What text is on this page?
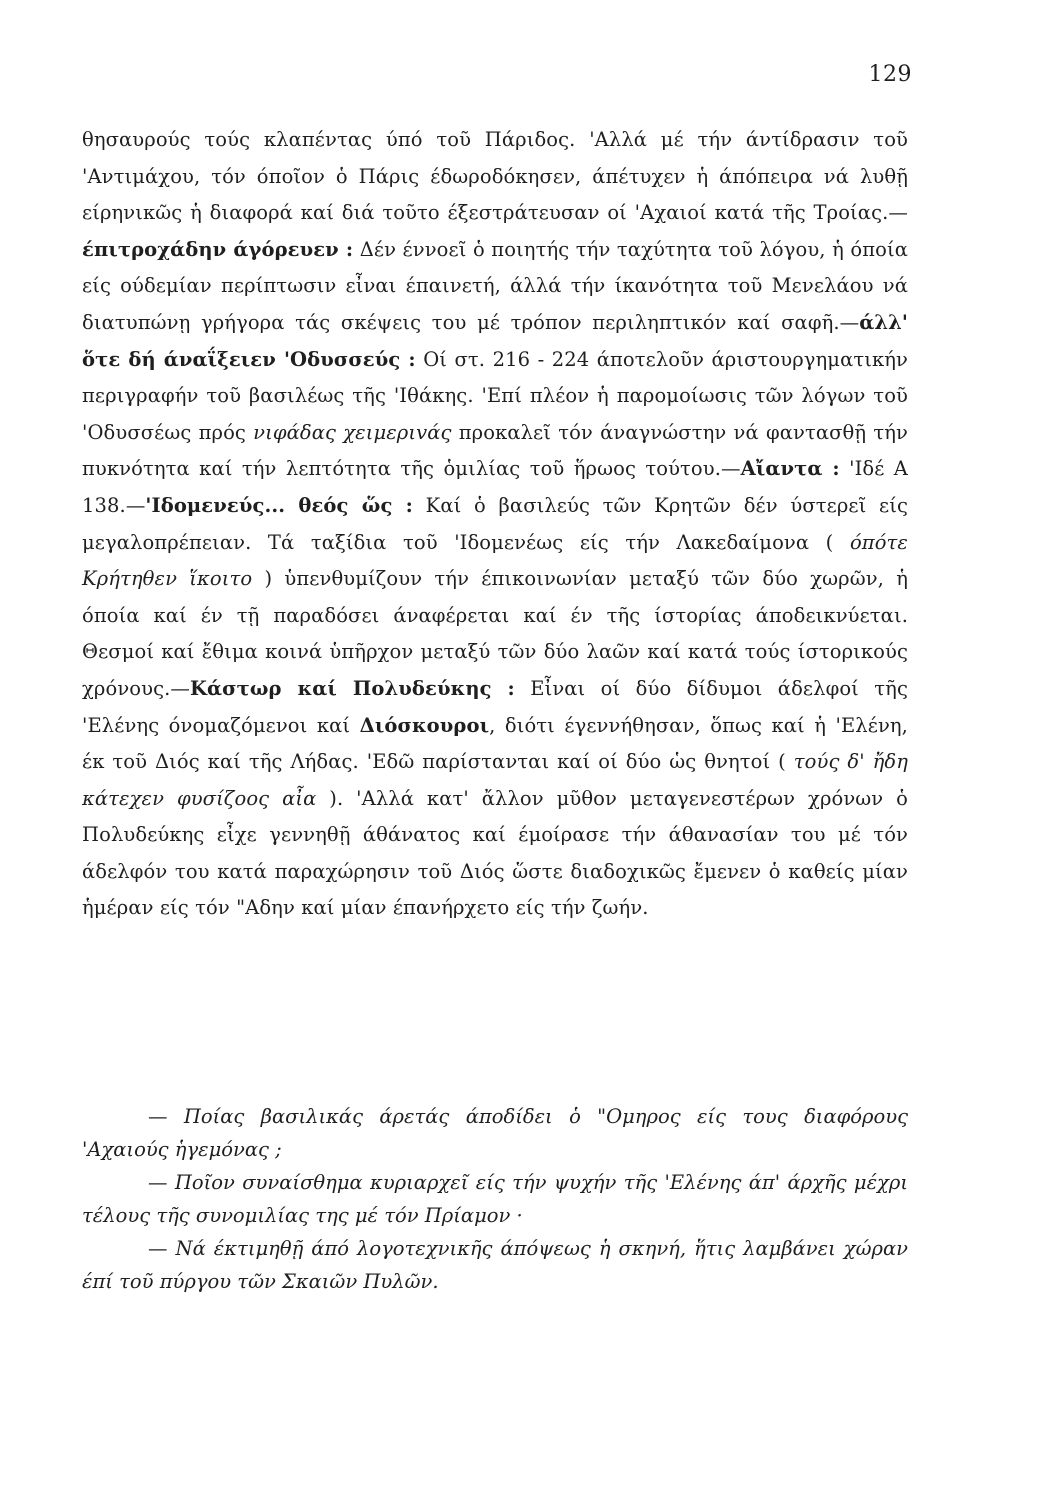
129

θησαυρούς τούς κλαπέντας ύπό τοῦ Πάριδος. 'Αλλά μέ τήν άντίδρασιν τοῦ 'Αντιμάχου, τόν όποῖον ὁ Πάρις έδωροδόκησεν, άπέτυχεν ἡ άπόπειρα νά λυθῇ είρηνικῶς ἡ διαφορά καί διά τοῦτο έξεστράτευσαν οί 'Αχαιοί κατά τῆς Τροίας.—έπιτροχάδην άγόρευεν : Δέν έννοεῖ ὁ ποιητής τήν ταχύτητα τοῦ λόγου, ἡ όποία είς ούδεμίαν περίπτωσιν εἶναι έπαινετή, άλλά τήν ίκανότητα τοῦ Μενελάου νά διατυπώνῃ γρήγορα τάς σκέψεις του μέ τρόπον περιληπτικόν καί σαφῆ.—άλλ' ὅτε δή άναΐξειεν 'Οδυσσεύς : Οί στ. 216 - 224 άποτελοῦν άριστουργηματικήν περιγραφήν τοῦ βασιλέως τῆς 'Ιθάκης. 'Επί πλέον ἡ παρομοίωσις τῶν λόγων τοῦ 'Οδυσσέως πρός νιφάδας χειμεριvάς προκαλεῖ τόν άναγνώστην νά φαντασθῇ τήν πυκνότητα καί τήν λεπτότητα τῆς ὁμιλίας τοῦ ἥρωος τούτου.—Αἴαντα : 'Ιδέ Α 138.—'Ιδομενεύς... θεός ὥς : Καί ὁ βασιλεύς τῶν Κρητῶν δέν ύστερεῖ είς μεγαλοπρέπειαν. Τά ταξίδια τοῦ 'Ιδομενέως είς τήν Λακεδαίμονα ( όπότε Κρήτηθεν ἵκοιτο ) ὑπενθυμίζουν τήν έπικοινωνίαν μεταξύ τῶν δύο χωρῶν, ἡ όποία καί έν τῇ παραδόσει άναφέρεται καί έν τῆς ίστορίας άποδεικνύεται. Θεσμοί καί ἔθιμα κοινά ὑπῆρχον μεταξύ τῶν δύο λαῶν καί κατά τούς ίστορικούς χρόνους.—Κάστωρ καί Πολυδεύκης : Εἶναι οί δύο δίδυμοι άδελφοί τῆς 'Ελένης όνομαζόμενοι καί Διόσκουροι, διότι έγεννήθησαν, ὅπως καί ἡ 'Ελένη, έκ τοῦ Διός καί τῆς Λήδας. 'Εδῶ παρίστανται καί οί δύο ὡς θνητοί ( τούς δ' ἤδη κάτεχεν φυσίζοος αἶα ). 'Αλλά κατ' ἄλλον μῦθον μεταγενεστέρων χρόνων ὁ Πολυδεύκης εἶχε γεννηθῇ άθάνατος καί έμοίρασε τήν άθανασίαν του μέ τόν άδελφόν του κατά παραχώρησιν τοῦ Διός ὥστε διαδοχικῶς ἔμενεν ὁ καθείς μίαν ἡμέραν είς τόν "Αδην καί μίαν έπανήρχετο είς τήν ζωήν.

— Ποίας βασιλικάς άρετάς άποδίδει ὁ "Ομηρος είς τους διαφόρους 'Αχαιούς ἡγεμόνας ;
— Ποῖον συναίσθημα κυριαρχεῖ είς τήν ψυχήν τῆς 'Ελένης άπ' άρχῆς μέχρι τέλους τῆς συνομιλίας της μέ τόν Πρίαμον ·
— Νά έκτιμηθῇ άπό λογοτεχνικῆς άπόψεως ἡ σκηνή, ἥτις λαμβάνει χώραν έπί τοῦ πύργου τῶν Σκαιῶν Πυλῶν.
